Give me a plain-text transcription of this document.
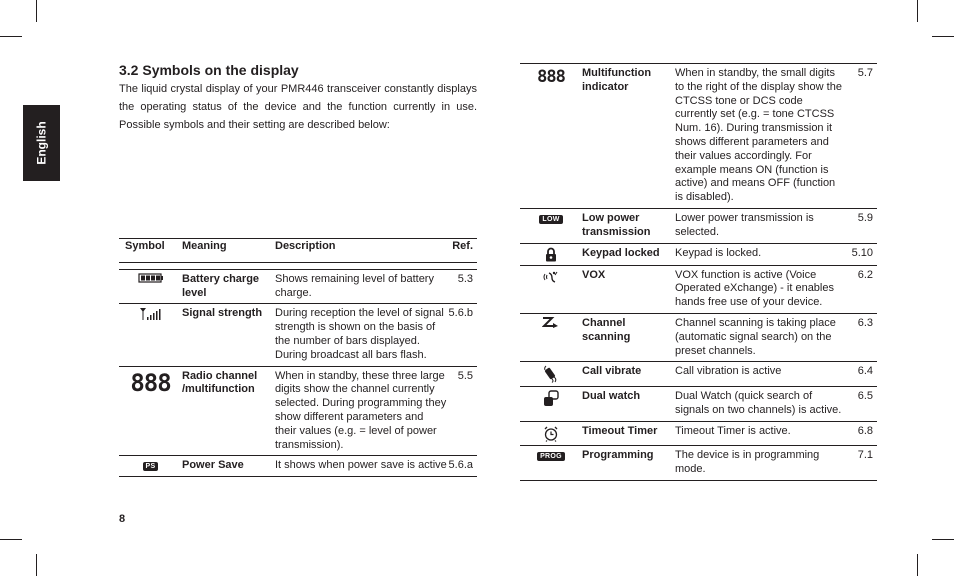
English
3.2 Symbols on the display

The liquid crystal display of your PMR446 transceiver constantly displays the operating status of the device and the function currently in use. Possible symbols and their setting are described below:

8
Symbol	Meaning	Description	Ref.

	Battery charge level	Shows remaining level of battery charge.	5.3
	Signal strength	During reception the level of signal strength is shown on the basis of the number of bars displayed. During broadcast all bars flash.	5.6.b
888	Radio channel /multifunction	When in standby, these three large digits show the channel currently selected. During programming they show different parameters and their values (e.g. = level of power transmission).	5.5
PS	Power Save	It shows when power save is active	5.6.a
888	Multifunction indicator	When in standby, the small digits to the right of the display show the CTCSS tone or DCS code currently set (e.g. = tone CTCSS Num. 16). During transmission it shows different parameters and their values accordingly. For example means ON (function is active) and means OFF (function is disabled).	5.7
LOW	Low power transmission	Lower power transmission is selected.	5.9
	Keypad locked	Keypad is locked.	5.10
	VOX	VOX function is active (Voice Operated eXchange) - it enables hands free use of your device.	6.2
	Channel scanning	Channel scanning is taking place (automatic signal search) on the preset channels.	6.3
	Call vibrate	Call vibration is active	6.4
	Dual watch	Dual Watch (quick search of signals on two channels) is active.	6.5
	Timeout Timer	Timeout Timer is active.	6.8
PROG	Programming	The device is in programming mode.	7.1
